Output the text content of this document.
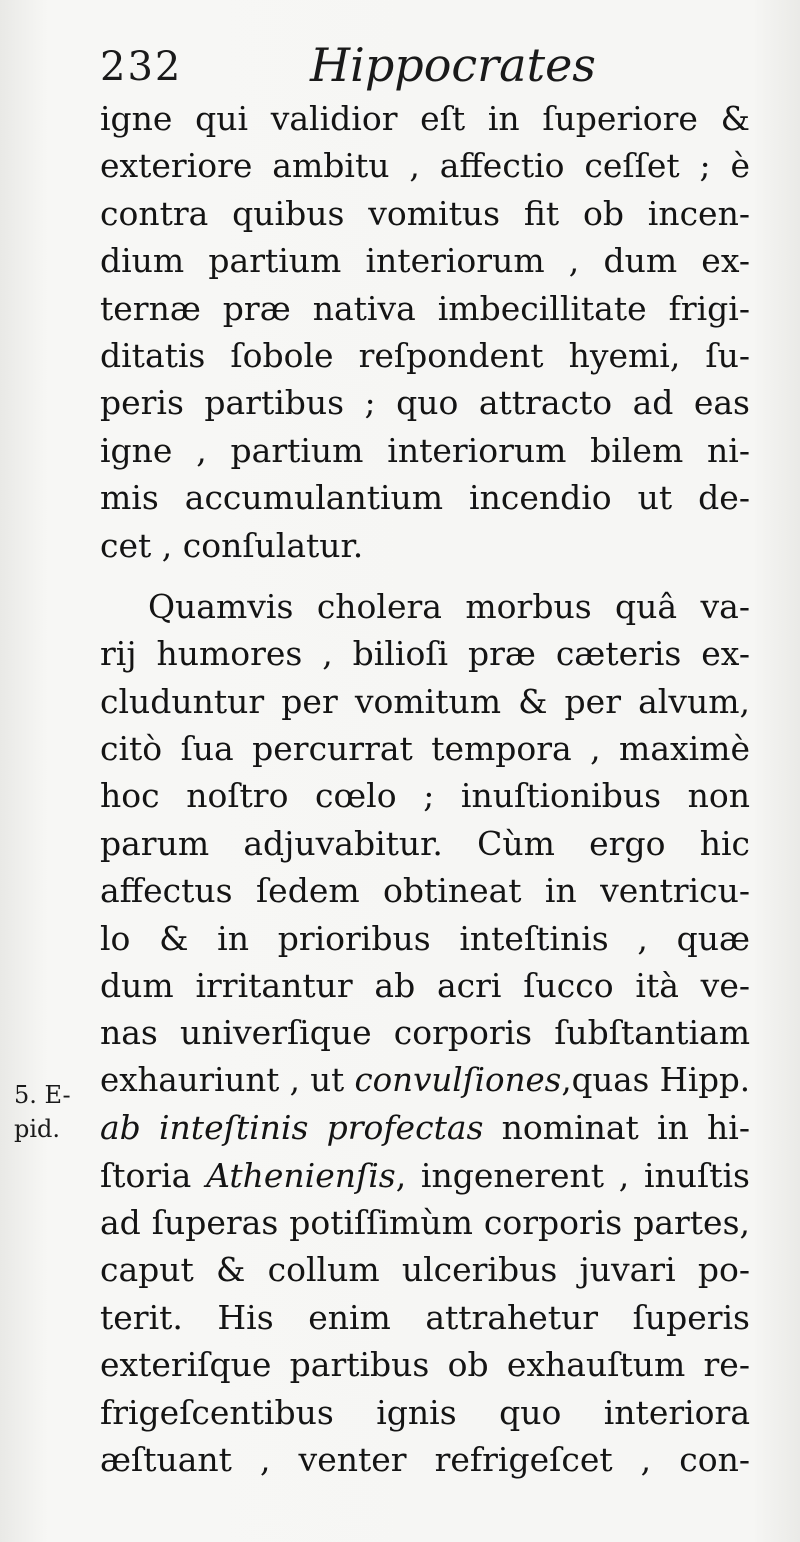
232	Hippocrates
5. E-
pid.
igne qui validior eſt in ſuperiore &
exteriore ambitu , affectio ceſſet ; è
contra quibus vomitus fit ob incen-
dium partium interiorum , dum ex-
ternæ præ nativa imbecillitate frigi-
ditatis ſobole reſpondent hyemi, ſu-
peris partibus ; quo attracto ad eas
igne , partium interiorum bilem ni-
mis accumulantium incendio ut de-
cet , conſulatur.
Quamvis cholera morbus quâ va-
rij humores , bilioſi præ cæteris ex-
cluduntur per vomitum & per alvum,
citò ſua percurrat tempora , maximè
hoc noſtro cœlo ; inuſtionibus non
parum adjuvabitur. Cùm ergo hic
affectus ſedem obtineat in ventricu-
lo & in prioribus inteſtinis , quæ
dum irritantur ab acri ſucco ità ve-
nas univerſique corporis ſubſtantiam
exhauriunt , ut convulſiones,quas Hipp.
ab inteſtinis profectas nominat in hi-
ſtoria Athenienſis, ingenerent , inuſtis
ad ſuperas potiſſimùm corporis partes,
caput & collum ulceribus juvari po-
terit. His enim attrahetur ſuperis
exteriſque partibus ob exhauſtum re-
frigeſcentibus ignis quo interiora
æſtuant , venter refrigeſcet , con-
